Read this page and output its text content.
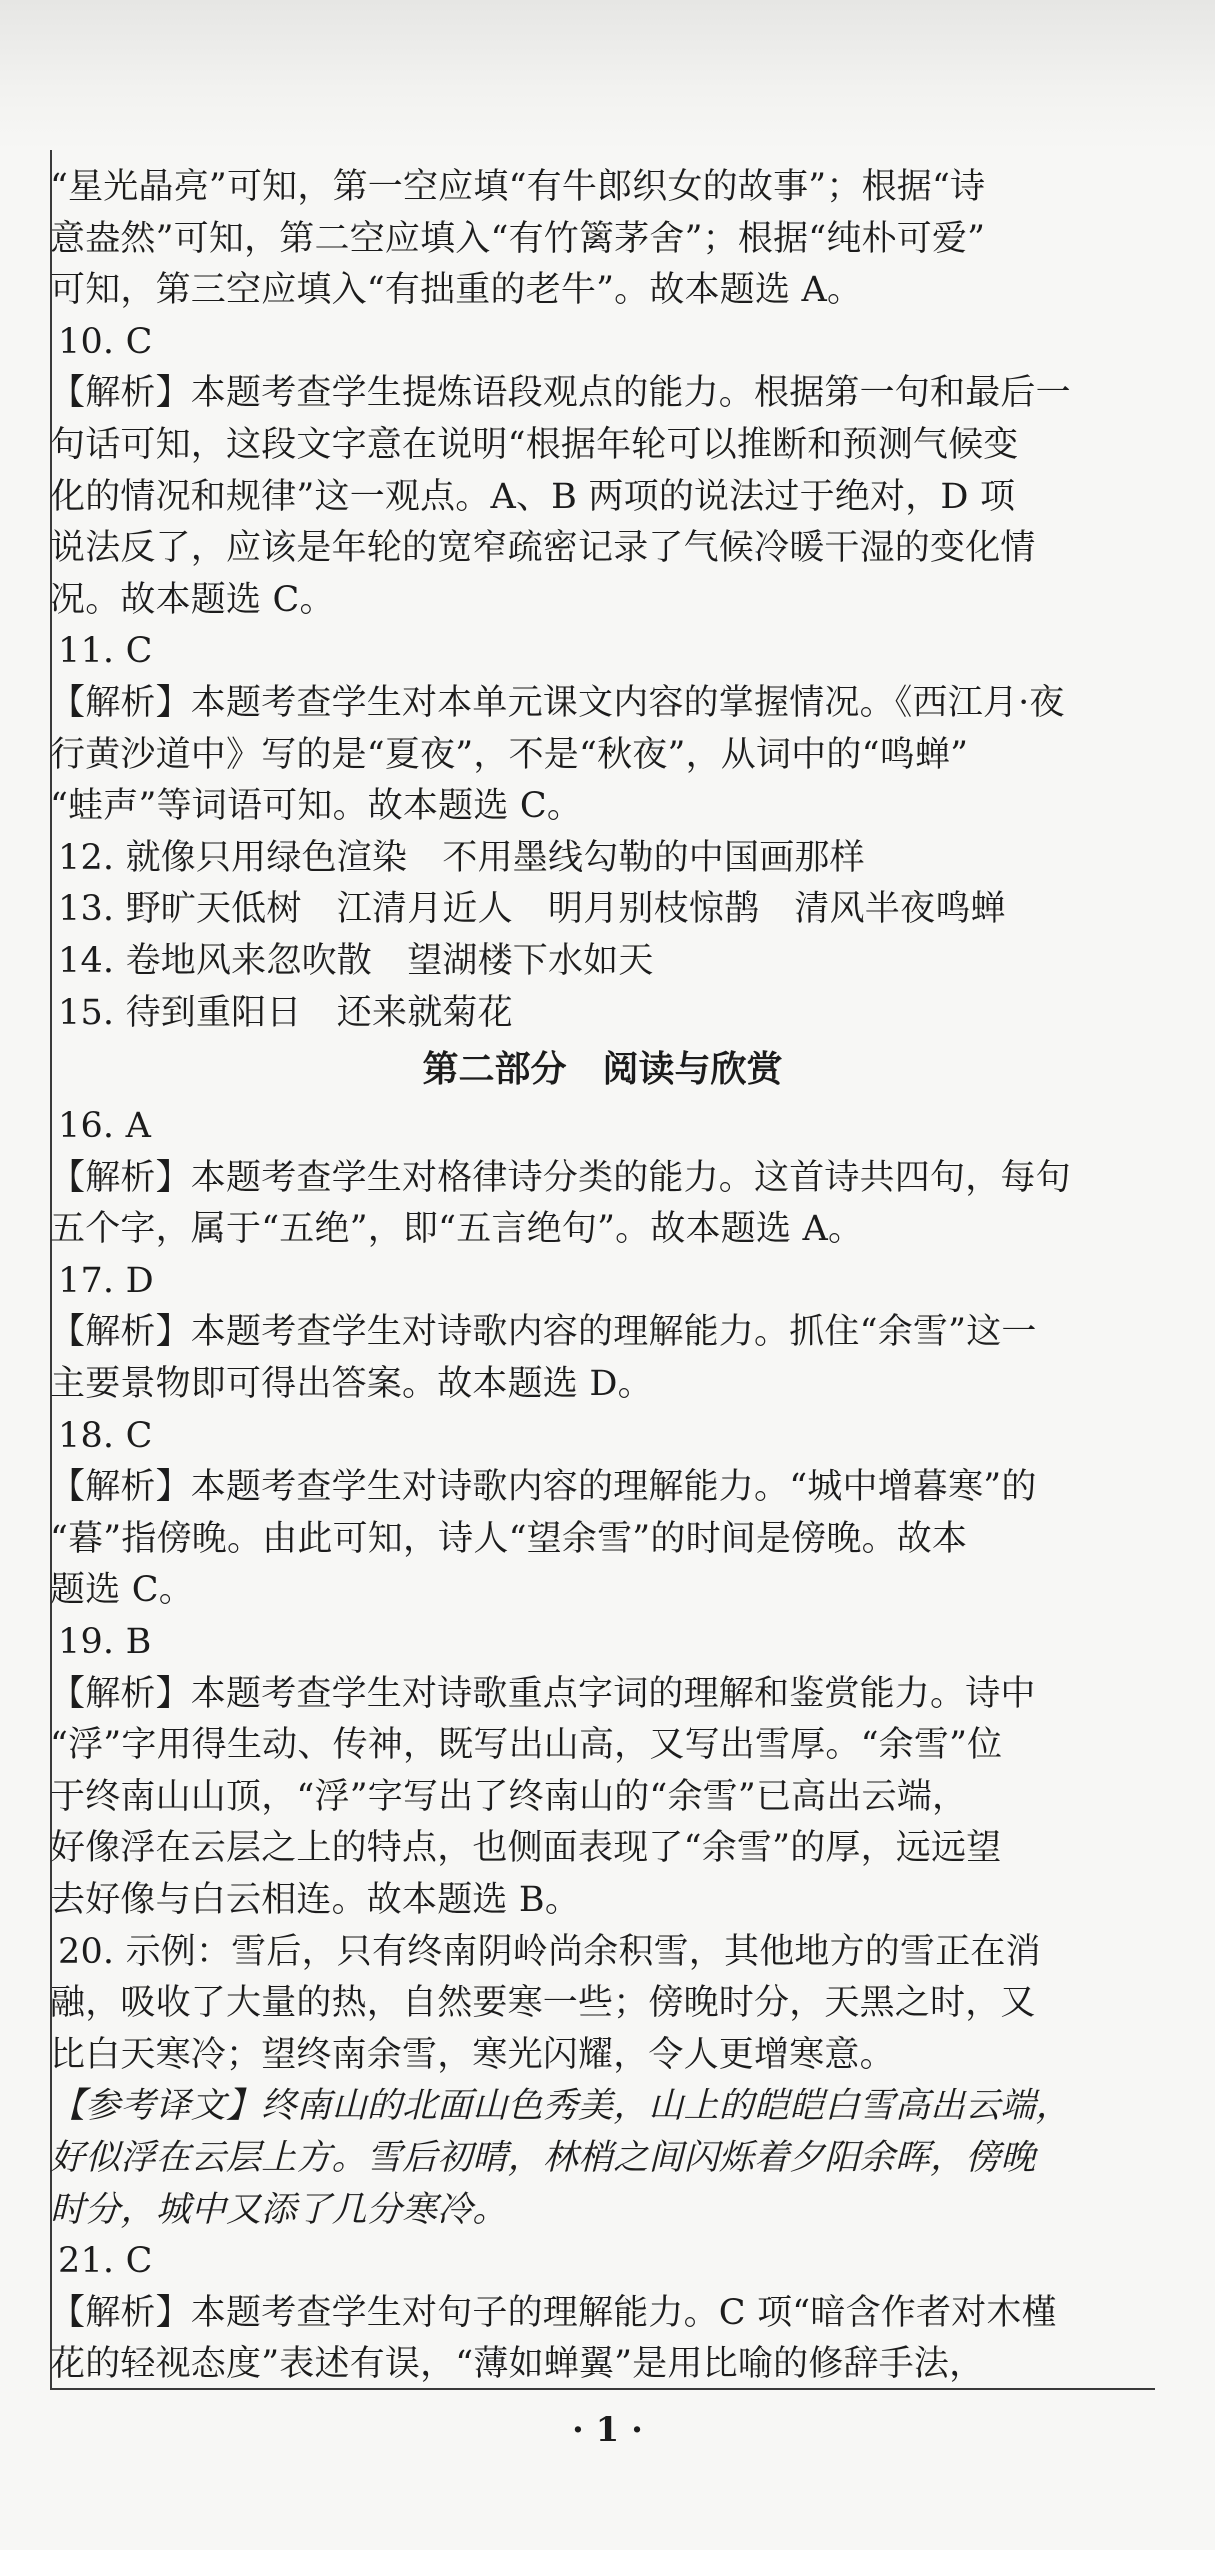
“星光晶亮”可知，第一空应填“有牛郎织女的故事”；根据“诗
意盎然”可知，第二空应填入“有竹篱茅舍”；根据“纯朴可爱”
可知，第三空应填入“有拙重的老牛”。故本题选 A。
10. C
【解析】本题考查学生提炼语段观点的能力。根据第一句和最后一
句话可知，这段文字意在说明“根据年轮可以推断和预测气候变
化的情况和规律”这一观点。A、B 两项的说法过于绝对，D 项
说法反了，应该是年轮的宽窄疏密记录了气候冷暖干湿的变化情
况。故本题选 C。
11. C
【解析】本题考查学生对本单元课文内容的掌握情况。《西江月·夜
行黄沙道中》写的是“夏夜”，不是“秋夜”，从词中的“鸣蝉”
“蛙声”等词语可知。故本题选 C。
12. 就像只用绿色渲染　不用墨线勾勒的中国画那样
13. 野旷天低树　江清月近人　明月别枝惊鹊　清风半夜鸣蝉
14. 卷地风来忽吹散　望湖楼下水如天
15. 待到重阳日　还来就菊花
第二部分　阅读与欣赏
16. A
【解析】本题考查学生对格律诗分类的能力。这首诗共四句，每句
五个字，属于“五绝”，即“五言绝句”。故本题选 A。
17. D
【解析】本题考查学生对诗歌内容的理解能力。抓住“余雪”这一
主要景物即可得出答案。故本题选 D。
18. C
【解析】本题考查学生对诗歌内容的理解能力。“城中增暮寒”的
“暮”指傍晚。由此可知，诗人“望余雪”的时间是傍晚。故本
题选 C。
19. B
【解析】本题考查学生对诗歌重点字词的理解和鉴赏能力。诗中
“浮”字用得生动、传神，既写出山高，又写出雪厚。“余雪”位
于终南山山顶，“浮”字写出了终南山的“余雪”已高出云端，
好像浮在云层之上的特点，也侧面表现了“余雪”的厚，远远望
去好像与白云相连。故本题选 B。
20. 示例：雪后，只有终南阴岭尚余积雪，其他地方的雪正在消
融，吸收了大量的热，自然要寒一些；傍晚时分，天黑之时，又
比白天寒冷；望终南余雪，寒光闪耀，令人更增寒意。
【参考译文】终南山的北面山色秀美，山上的皑皑白雪高出云端，
好似浮在云层上方。雪后初晴，林梢之间闪烁着夕阳余晖，傍晚
时分，城中又添了几分寒冷。
21. C
【解析】本题考查学生对句子的理解能力。C 项“暗含作者对木槿
花的轻视态度”表述有误，“薄如蝉翼”是用比喻的修辞手法，
· 1 ·
